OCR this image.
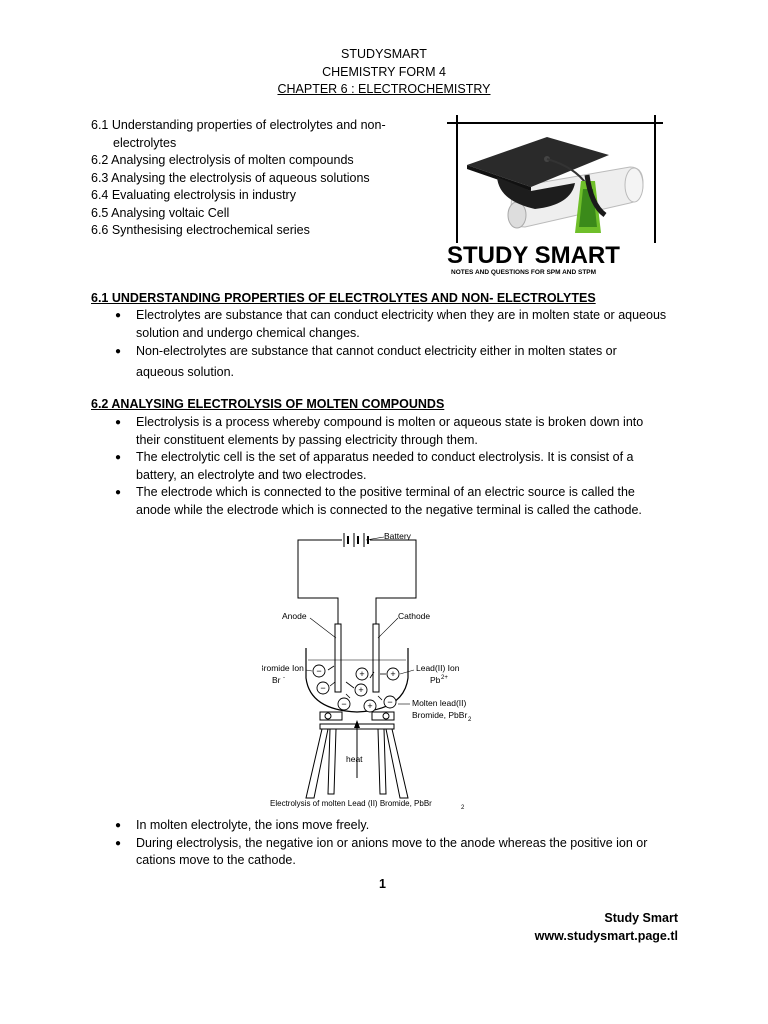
STUDYSMART
CHEMISTRY FORM 4
CHAPTER 6 : ELECTROCHEMISTRY
6.1 Understanding properties of electrolytes and non-
electrolytes
6.2 Analysing electrolysis of molten compounds
6.3 Analysing the electrolysis of aqueous solutions
6.4 Evaluating electrolysis in industry
6.5 Analysing voltaic Cell
6.6 Synthesising electrochemical series
STUDY SMART
NOTES AND QUESTIONS FOR SPM AND STPM
6.1 UNDERSTANDING PROPERTIES OF ELECTROLYTES AND NON- ELECTROLYTES
● Electrolytes are substance that can conduct electricity when they are in molten state or aqueous
solution and undergo chemical changes.
● Non-electrolytes are substance that cannot conduct electricity either in molten states or
aqueous solution.
6.2 ANALYSING ELECTROLYSIS OF MOLTEN COMPOUNDS
● Electrolysis is a process whereby compound is molten or aqueous state is broken down into
their constituent elements by passing electricity through them.
● The electrolytic cell is the set of apparatus needed to conduct electrolysis. It is consist of a
battery, an electrolyte and two electrodes.
● The electrode which is connected to the positive terminal of an electric source is called the
anode while the electrode which is connected to the negative terminal is called the cathode.
Battery
Anode	Cathode
−
−
−
+
+	+
−
+
Bromide Ion
Br -
Lead(II) Ion
Pb 2+
Molten lead(II)
Bromide, PbBr 2
heat
Electrolysis of molten Lead (II) Bromide, PbBr	2
● In molten electrolyte, the ions move freely.
● During electrolysis, the negative ion or anions move to the anode whereas the positive ion or
cations move to the cathode.
1
Study Smart
www.studysmart.page.tl
